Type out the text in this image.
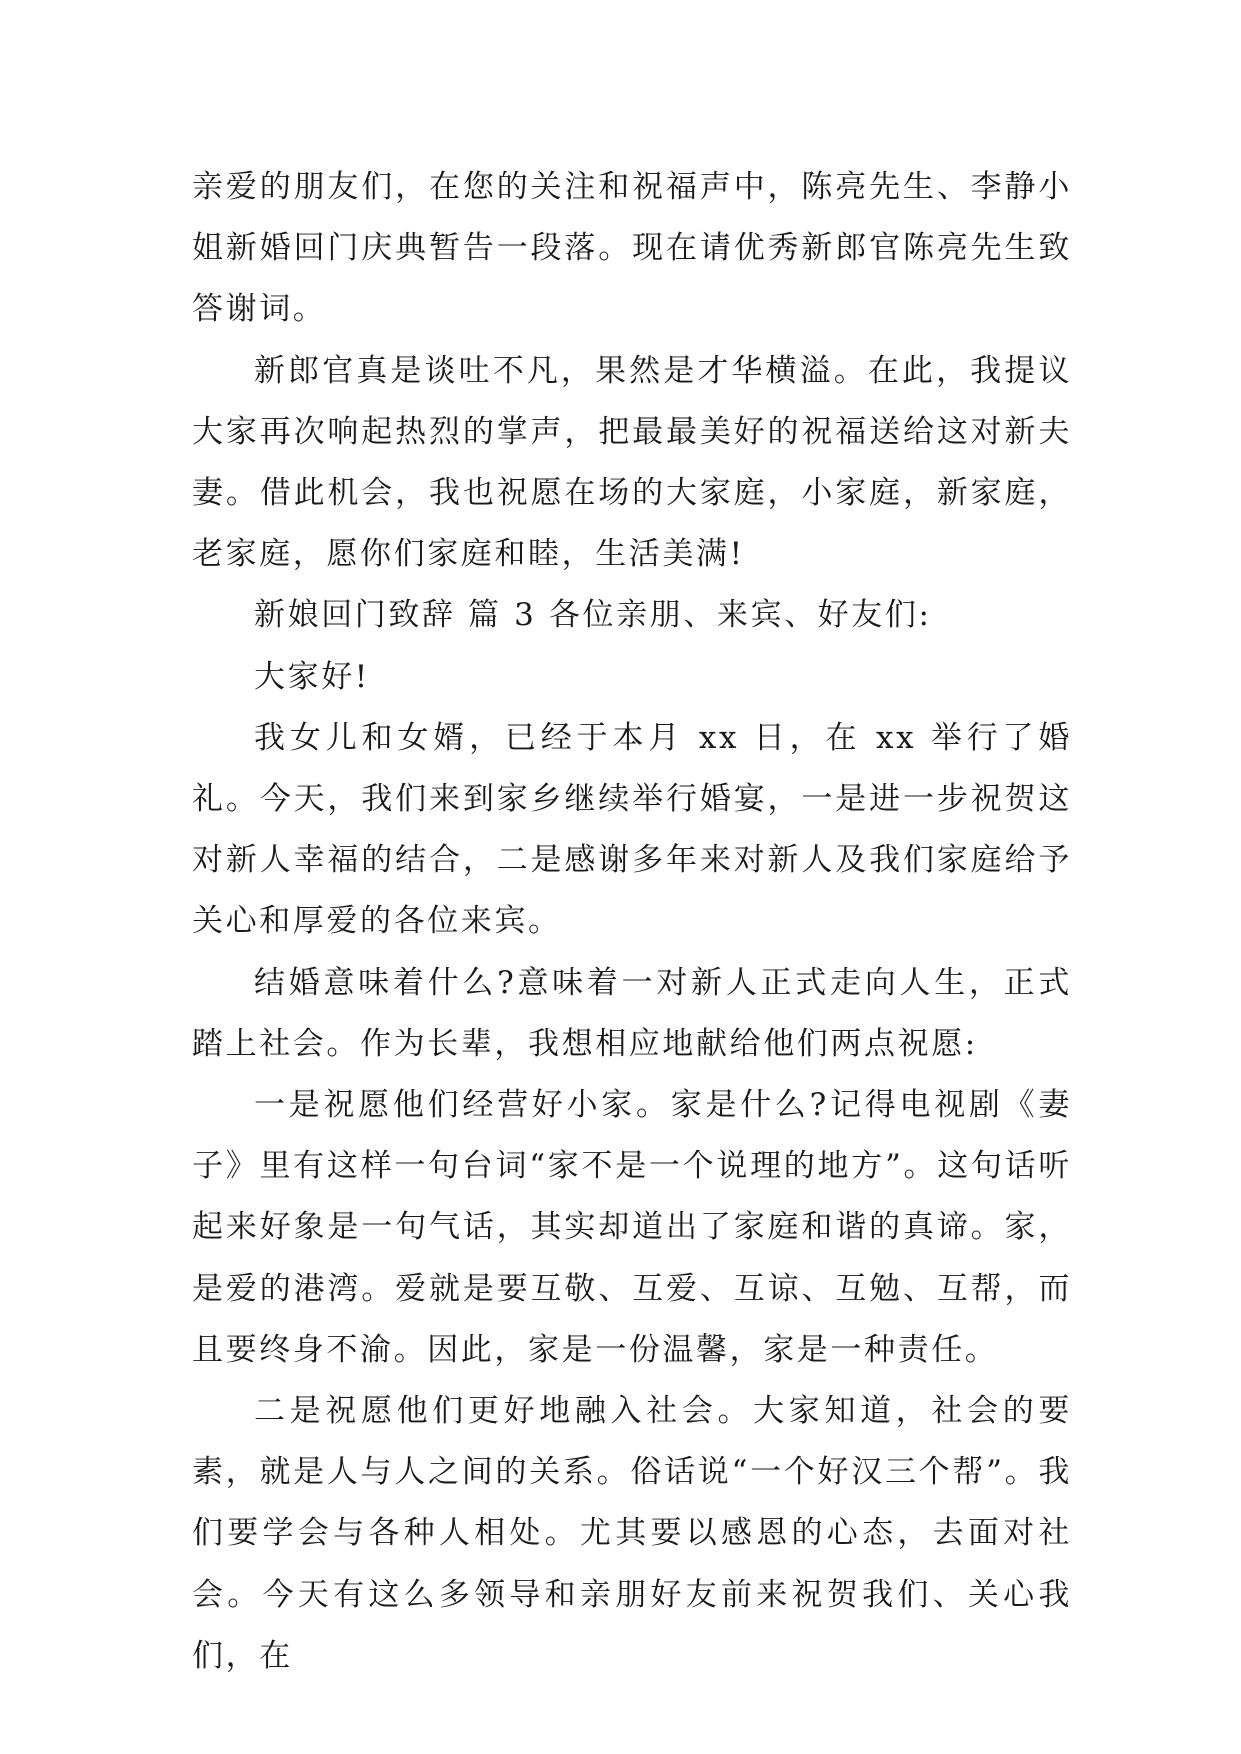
亲爱的朋友们，在您的关注和祝福声中，陈亮先生、李静小姐新婚回门庆典暂告一段落。现在请优秀新郎官陈亮先生致答谢词。

新郎官真是谈吐不凡，果然是才华横溢。在此，我提议大家再次响起热烈的掌声，把最最美好的祝福送给这对新夫妻。借此机会，我也祝愿在场的大家庭，小家庭，新家庭，老家庭，愿你们家庭和睦，生活美满!

新娘回门致辞 篇 3 各位亲朋、来宾、好友们:

大家好!

我女儿和女婿，已经于本月 xx 日，在 xx 举行了婚礼。今天，我们来到家乡继续举行婚宴，一是进一步祝贺这对新人幸福的结合，二是感谢多年来对新人及我们家庭给予关心和厚爱的各位来宾。

结婚意味着什么?意味着一对新人正式走向人生，正式踏上社会。作为长辈，我想相应地献给他们两点祝愿:

一是祝愿他们经营好小家。家是什么?记得电视剧《妻子》里有这样一句台词“家不是一个说理的地方”。这句话听起来好象是一句气话，其实却道出了家庭和谐的真谛。家，是爱的港湾。爱就是要互敬、互爱、互谅、互勉、互帮，而且要终身不渝。因此，家是一份温馨，家是一种责任。

二是祝愿他们更好地融入社会。大家知道，社会的要素，就是人与人之间的关系。俗话说“一个好汉三个帮”。我们要学会与各种人相处。尤其要以感恩的心态，去面对社会。今天有这么多领导和亲朋好友前来祝贺我们、关心我们，在
